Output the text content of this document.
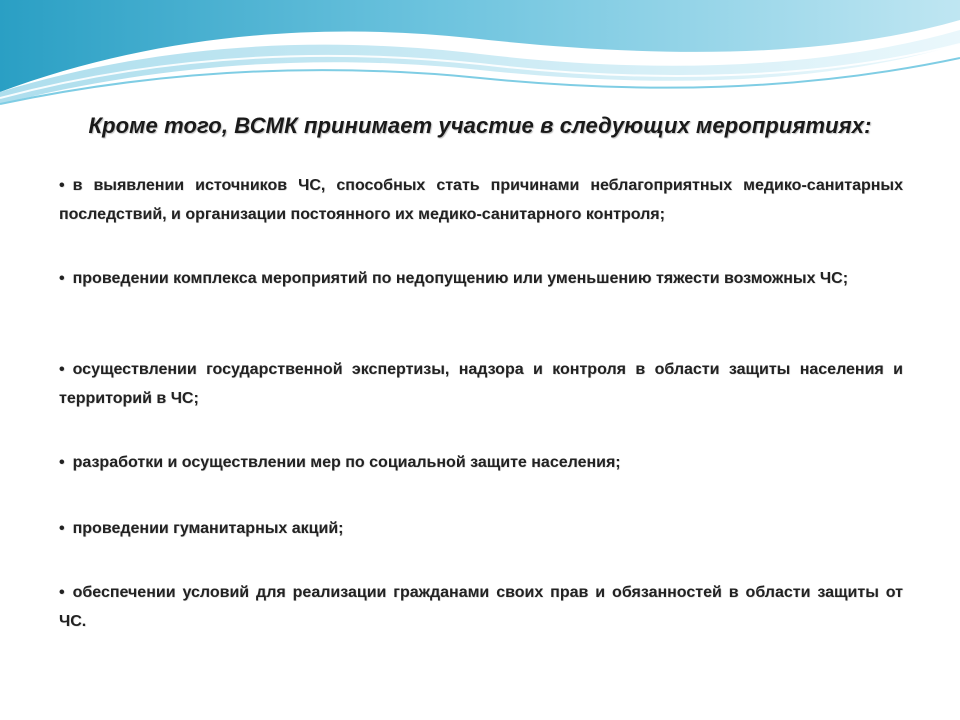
Кроме того, ВСМК принимает участие в следующих мероприятиях:
• в выявлении источников ЧС, способных стать причинами неблагоприятных медико-санитарных последствий, и организации постоянного их медико-санитарного контроля;
• проведении комплекса мероприятий по недопущению или уменьшению тяжести возможных ЧС;
• осуществлении государственной экспертизы, надзора и контроля в области защиты населения и территорий в ЧС;
• разработки и осуществлении мер по социальной защите населения;
• проведении гуманитарных акций;
• обеспечении условий для реализации гражданами своих прав и обязанностей в области защиты от ЧС.
